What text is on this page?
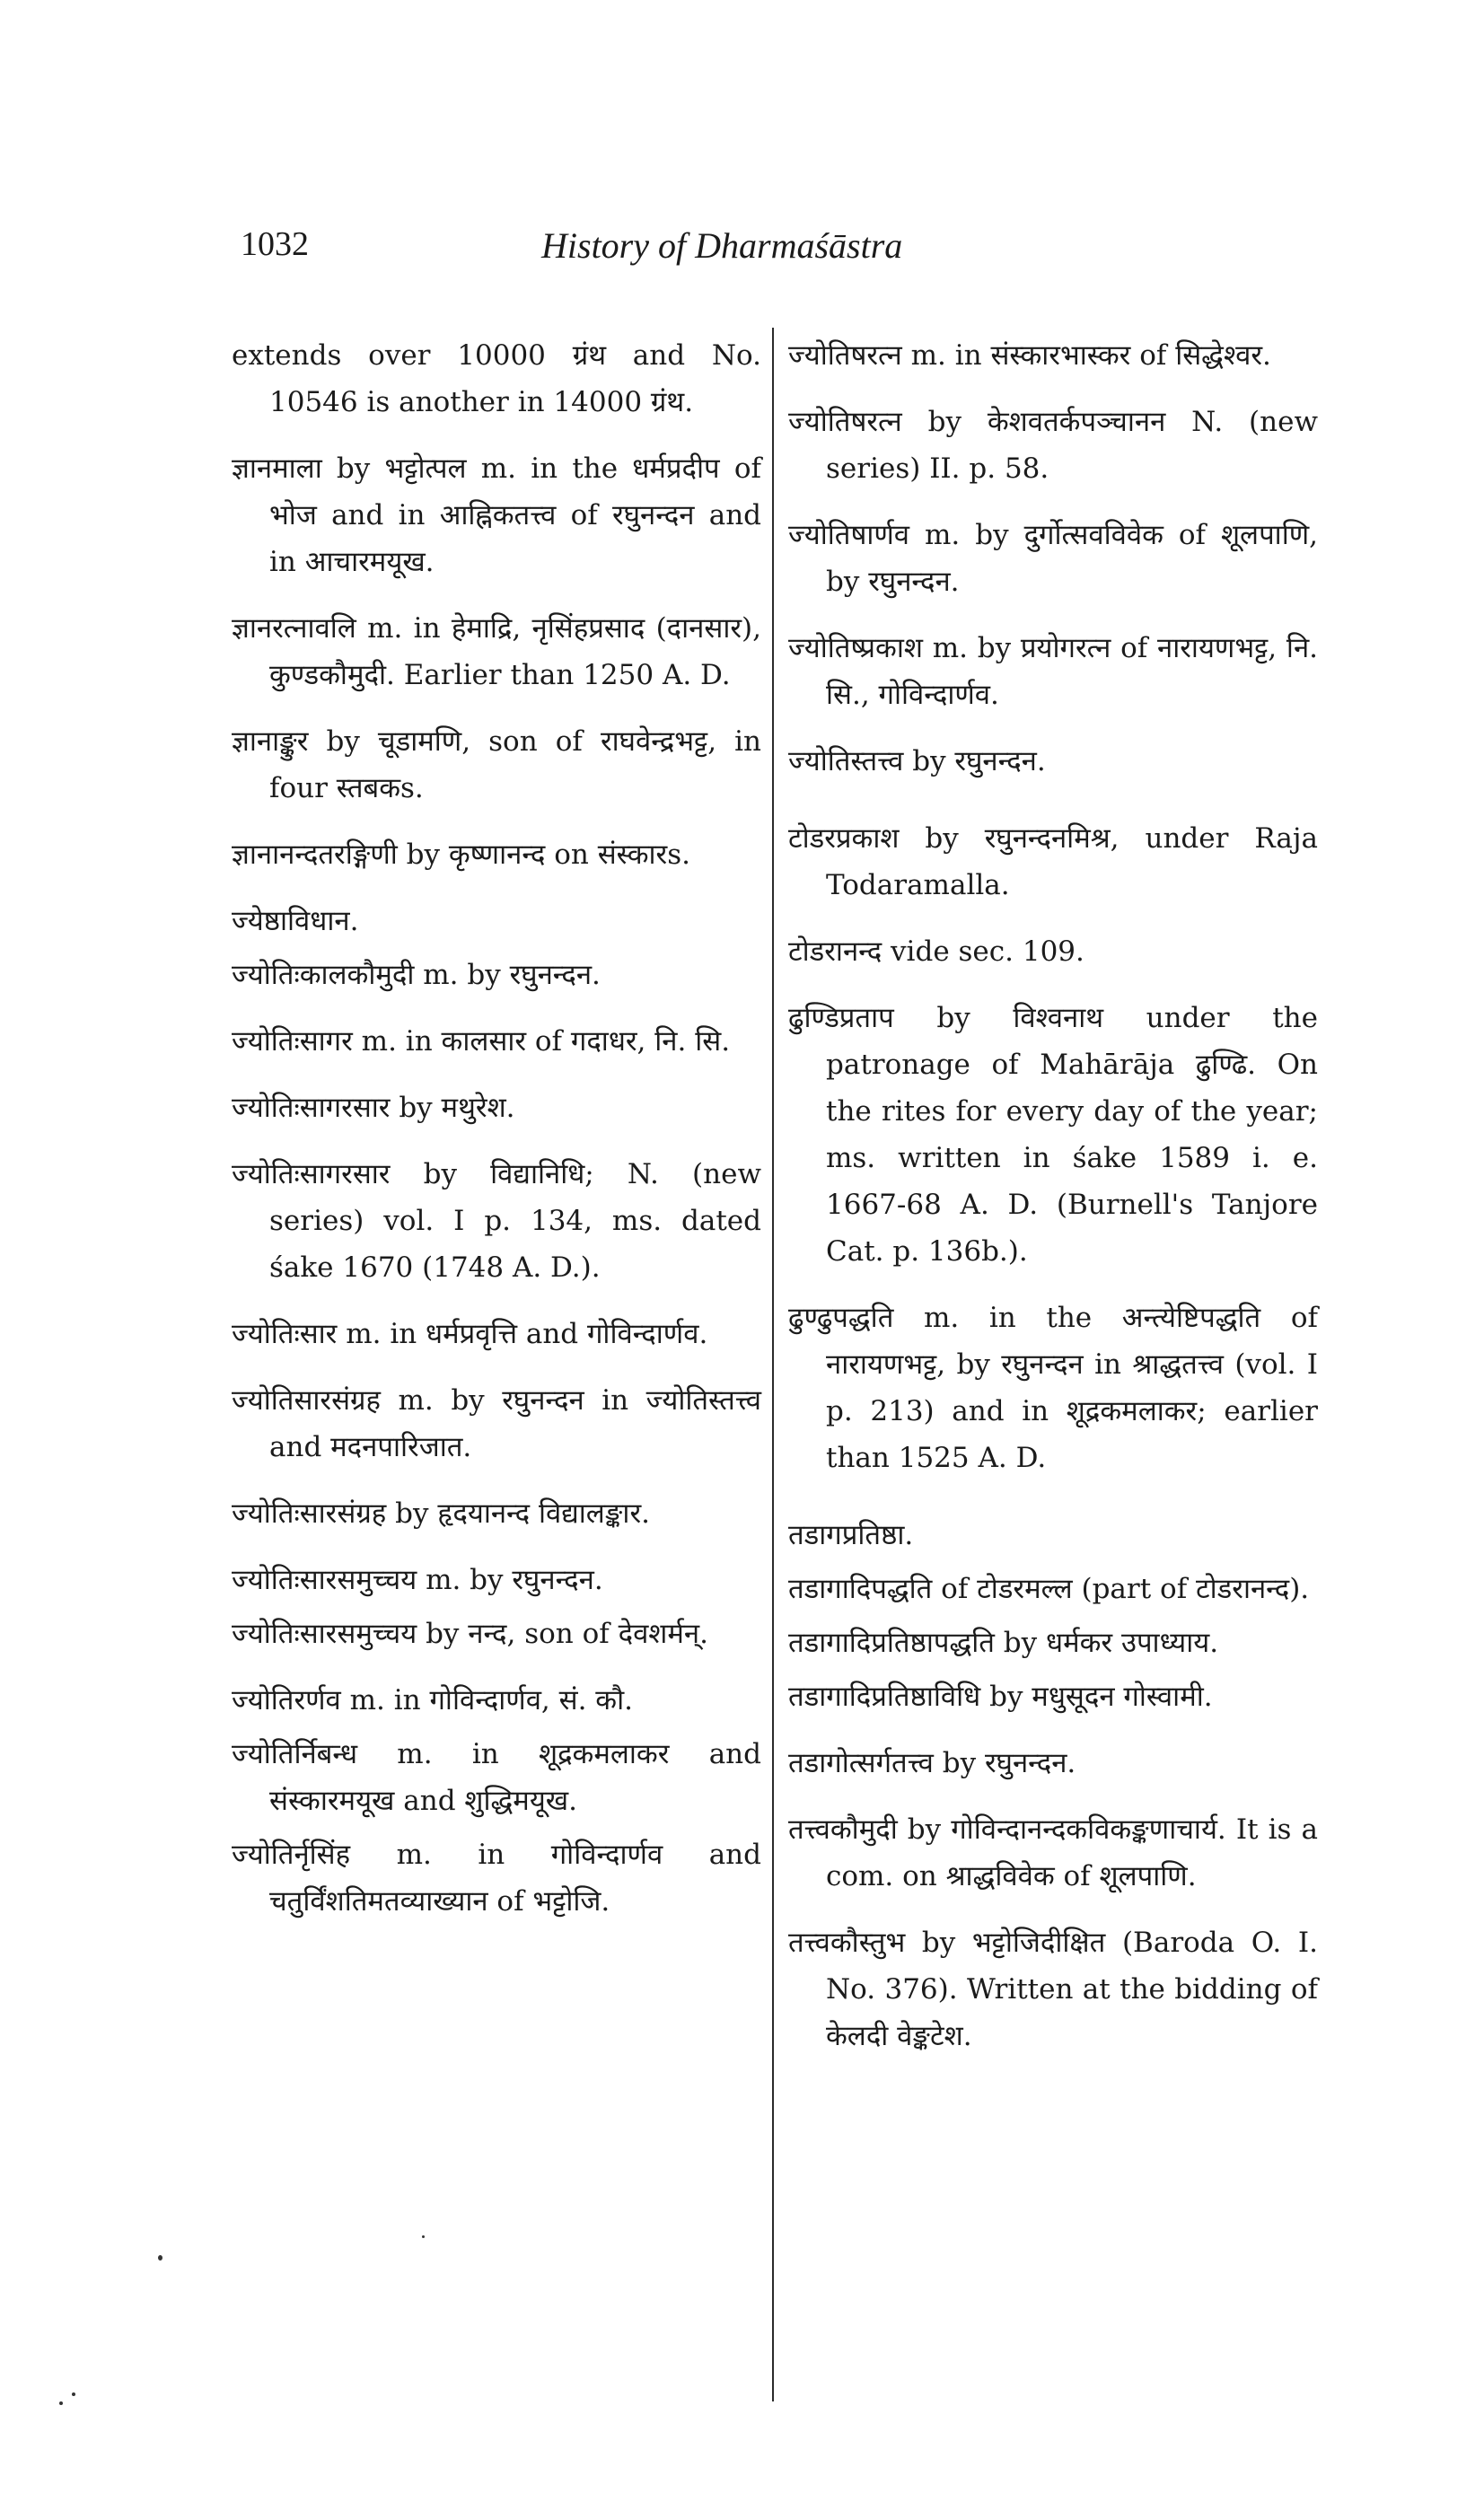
1032	History of Dharmaśāstra

extends over 10000 ग्रंथ and No. 10546 is another in 14000 ग्रंथ.

ज्ञानमाला by भट्टोत्पल m. in the धर्मप्रदीप of भोज and in आह्निकतत्त्व of रघुनन्दन and in आचारमयूख.

ज्ञानरत्नावलि m. in हेमाद्रि, नृसिंहप्रसाद (दानसार), कुण्डकौमुदी. Earlier than 1250 A. D.

ज्ञानाङ्कुर by चूडामणि, son of राघवेन्द्रभट्ट, in four स्तबकs.

ज्ञानानन्दतरङ्गिणी by कृष्णानन्द on संस्कारs.

ज्येष्ठाविधान.

ज्योतिःकालकौमुदी m. by रघुनन्दन.

ज्योतिःसागर m. in कालसार of गदाधर, नि. सि.

ज्योतिःसागरसार by मथुरेश.

ज्योतिःसागरसार by विद्यानिधि; N. (new series) vol. I p. 134, ms. dated śake 1670 (1748 A. D.).

ज्योतिःसार m. in धर्मप्रवृत्ति and गोविन्दार्णव.

ज्योतिसारसंग्रह m. by रघुनन्दन in ज्योतिस्तत्त्व and मदनपारिजात.

ज्योतिःसारसंग्रह by हृदयानन्द विद्यालङ्कार.

ज्योतिःसारसमुच्चय m. by रघुनन्दन.

ज्योतिःसारसमुच्चय by नन्द, son of देवशर्मन्.

ज्योतिरर्णव m. in गोविन्दार्णव, सं. कौ.

ज्योतिर्निबन्ध m. in शूद्रकमलाकर and संस्कारमयूख and शुद्धिमयूख.

ज्योतिर्नृसिंह m. in गोविन्दार्णव and चतुर्विंशतिमतव्याख्यान of भट्टोजि.

ज्योतिषरत्न m. in संस्कारभास्कर of सिद्धेश्वर.

ज्योतिषरत्न by केशवतर्कपञ्चानन N. (new series) II. p. 58.

ज्योतिषार्णव m. by दुर्गोत्सवविवेक of शूलपाणि, by रघुनन्दन.

ज्योतिष्प्रकाश m. by प्रयोगरत्न of नारायणभट्ट, नि. सि., गोविन्दार्णव.

ज्योतिस्तत्त्व by रघुनन्दन.

टोडरप्रकाश by रघुनन्दनमिश्र, under Raja Todaramalla.

टोडरानन्द vide sec. 109.

ढुण्डिप्रताप by विश्वनाथ under the patronage of Mahārāja ढुण्ढि. On the rites for every day of the year; ms. written in śake 1589 i. e. 1667-68 A. D. (Burnell's Tanjore Cat. p. 136b.).

ढुण्ढुपद्धति m. in the अन्त्येष्टिपद्धति of नारायणभट्ट, by रघुनन्दन in श्राद्धतत्त्व (vol. I p. 213) and in शूद्रकमलाकर; earlier than 1525 A. D.

तडागप्रतिष्ठा.

तडागादिपद्धति of टोडरमल्ल (part of टोडरानन्द).

तडागादिप्रतिष्ठापद्धति by धर्मकर उपाध्याय.

तडागादिप्रतिष्ठाविधि by मधुसूदन गोस्वामी.

तडागोत्सर्गतत्त्व by रघुनन्दन.

तत्त्वकौमुदी by गोविन्दानन्दकविकङ्कणाचार्य. It is a com. on श्राद्धविवेक of शूलपाणि.

तत्त्वकौस्तुभ by भट्टोजिदीक्षित (Baroda O. I. No. 376). Written at the bidding of केलदी वेङ्कटेश.
